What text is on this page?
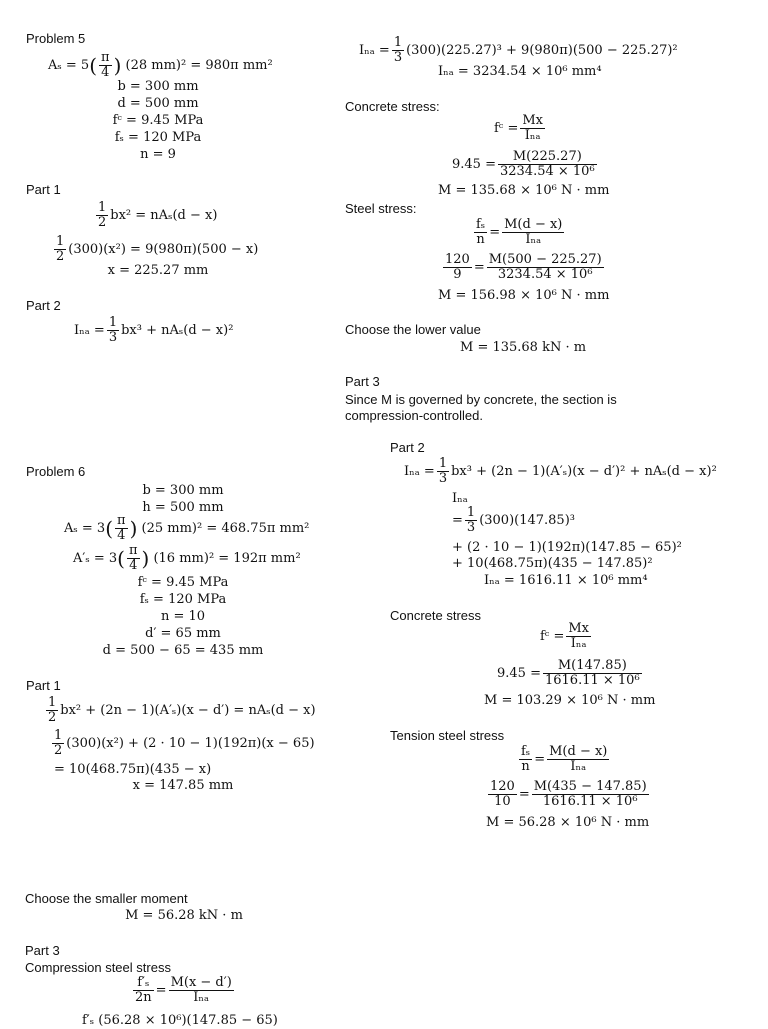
Problem 5
$A_s = 5( \frac{\pi}{4}$ ) (28 mm)² = 980π mm²
b = 300 mm
d = 500 mm
fᶜ = 9.45 MPa
fₛ = 120 MPa
n = 9
Part 1
$\frac{1}{2} bx^2 = nA_s(d - x)$
$\frac{1}{2} (300)(x^2) = 9(980\pi)(500 - x)$
x = 225.27 mm
Part 2
$I_{na} = \frac{1}{3} bx^3 + nA_s(d - x)^2$
Problem 6
b = 300 mm
h = 500 mm
$A_s = 3( \frac{\pi}{4}$ ) (25 mm)² = 468.75π mm²
$A'_s = 3( \frac{\pi}{4}$ ) (16 mm)² = 192π mm²
fᶜ = 9.45 MPa
fₛ = 120 MPa
n = 10
d′ = 65 mm
d = 500 − 65 = 435 mm
Part 1
$\frac{1}{2} bx^2 + (2n - 1)(A'_s)(x - d') = nA_s(d - x)$
$\frac{1}{2} (300)(x^2) + (2 \cdot 10 - 1)(192\pi)(x - 65)$
= 10(468.75π)(435 − x)
x = 147.85 mm
Choose the smaller moment
M = 56.28 kN · m
Part 3
Compression steel stress
$\frac{\text{f′ₛ}}{2n} = \frac{M(x - d')}{\text{Iₙₐ}}$
f′ₛ (56.28 × 10⁶)(147.85 − 65)
$I_{na} = \frac{1}{3} (300)(225.27)^3 + 9(980\pi)(500 - 225.27)^2$
Iₙₐ = 3234.54 × 10⁶ mm⁴
Concrete stress:
fᶜ = $\frac{Mx}{\text{Iₙₐ}}$
$9.45 = \frac{M(225.27)}{\text{3234.54 × 10⁶}}$
M = 135.68 × 10⁶ N · mm
Steel stress:
$\frac{\text{fₛ}}{n} = \frac{M(d - x)}{\text{Iₙₐ}}$
$\frac{120}{9} = \frac{M(500 - 225.27)}{\text{3234.54 × 10⁶}}$
M = 156.98 × 10⁶ N · mm
Choose the lower value
M = 135.68 kN · m
Part 3
Since M is governed by concrete, the section is compression-controlled.
Part 2
$I_{na} = \frac{1}{3} bx^3 + (2n - 1)(A'_s)(x - d')^2 + nA_s(d - x)^2$
Iₙₐ
= $\frac{1}{3} (300)(147.85)^3$
+ (2 · 10 − 1)(192π)(147.85 − 65)²
+ 10(468.75π)(435 − 147.85)²
Iₙₐ = 1616.11 × 10⁶ mm⁴
Concrete stress
fᶜ = $\frac{Mx}{\text{Iₙₐ}}$
$9.45 = \frac{M(147.85)}{\text{1616.11 × 10⁶}}$
M = 103.29 × 10⁶ N · mm
Tension steel stress
$\frac{\text{fₛ}}{n} = \frac{M(d - x)}{\text{Iₙₐ}}$
$\frac{120}{10} = \frac{M(435 - 147.85)}{\text{1616.11 × 10⁶}}$
M = 56.28 × 10⁶ N · mm
